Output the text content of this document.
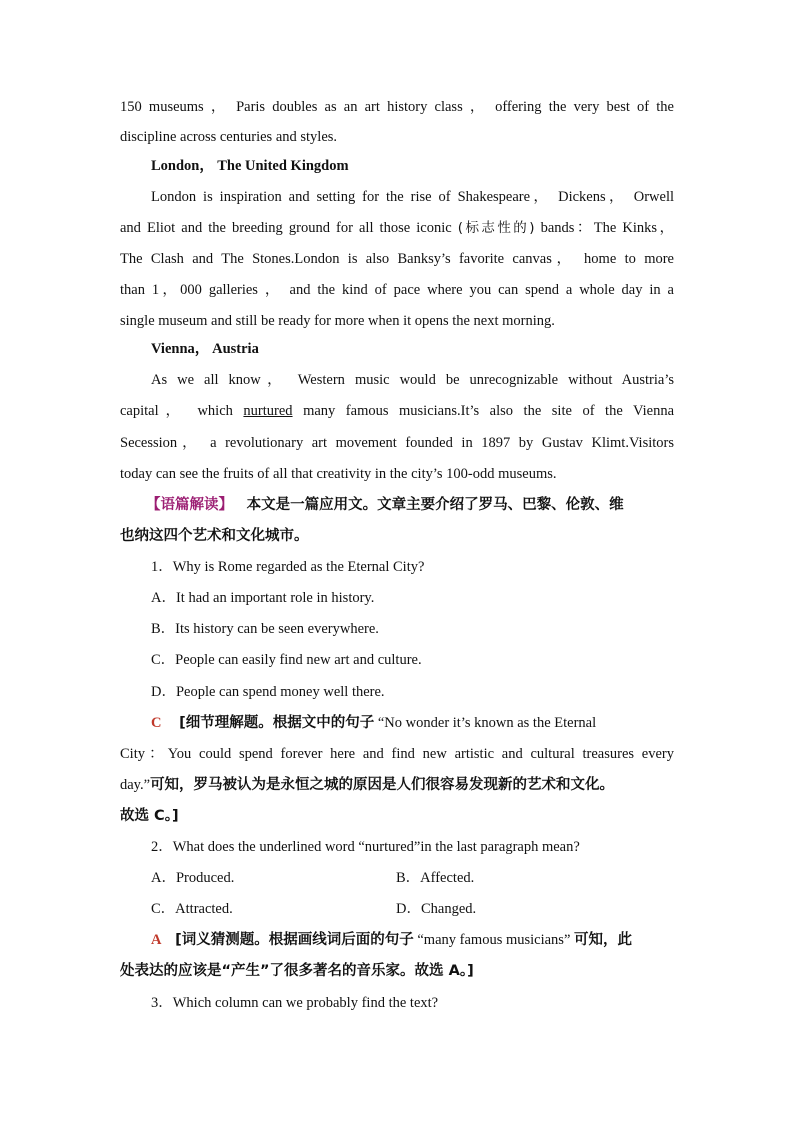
150 museums ， Paris doubles as an art history class ， offering the very best of the
discipline across centuries and styles.
London， The United Kingdom
London is inspiration and setting for the rise of Shakespeare， Dickens， Orwell
and Eliot and the breeding ground for all those iconic (标志性的) bands：The Kinks，
The Clash and The Stones.London is also Banksy’s favorite canvas， home to more
than 1，000 galleries ， and the kind of pace where you can spend a whole day in a
single museum and still be ready for more when it opens the next morning.
Vienna， Austria
As we all know， Western music would be unrecognizable without Austria’s
capital， which nurtured many famous musicians.It’s also the site of the Vienna
Secession， a revolutionary art movement founded in 1897 by Gustav Klimt.Visitors
today can see the fruits of all that creativity in the city’s 100-odd museums.
【语篇解读】 本文是一篇应用文。文章主要介绍了罗马、巴黎、伦敦、维
也纳这四个艺术和文化城市。
1．Why is Rome regarded as the Eternal City?
A．It had an important role in history.
B．Its history can be seen everywhere.
C．People can easily find new art and culture.
D．People can spend money well there.
C [细节理解题。根据文中的句子 “No wonder it’s known as the Eternal
City：You could spend forever here and find new artistic and cultural treasures every
day.”可知，罗马被认为是永恒之城的原因是人们很容易发现新的艺术和文化。
故选 C。]
2．What does the underlined word “nurtured”in the last paragraph mean?
A．Produced.	B．Affected.
C．Attracted.	D．Changed.
A [词义猜测题。根据画线词后面的句子 “many famous musicians” 可知，此
处表达的应该是“产生”了很多著名的音乐家。故选 A。]
3．Which column can we probably find the text?
